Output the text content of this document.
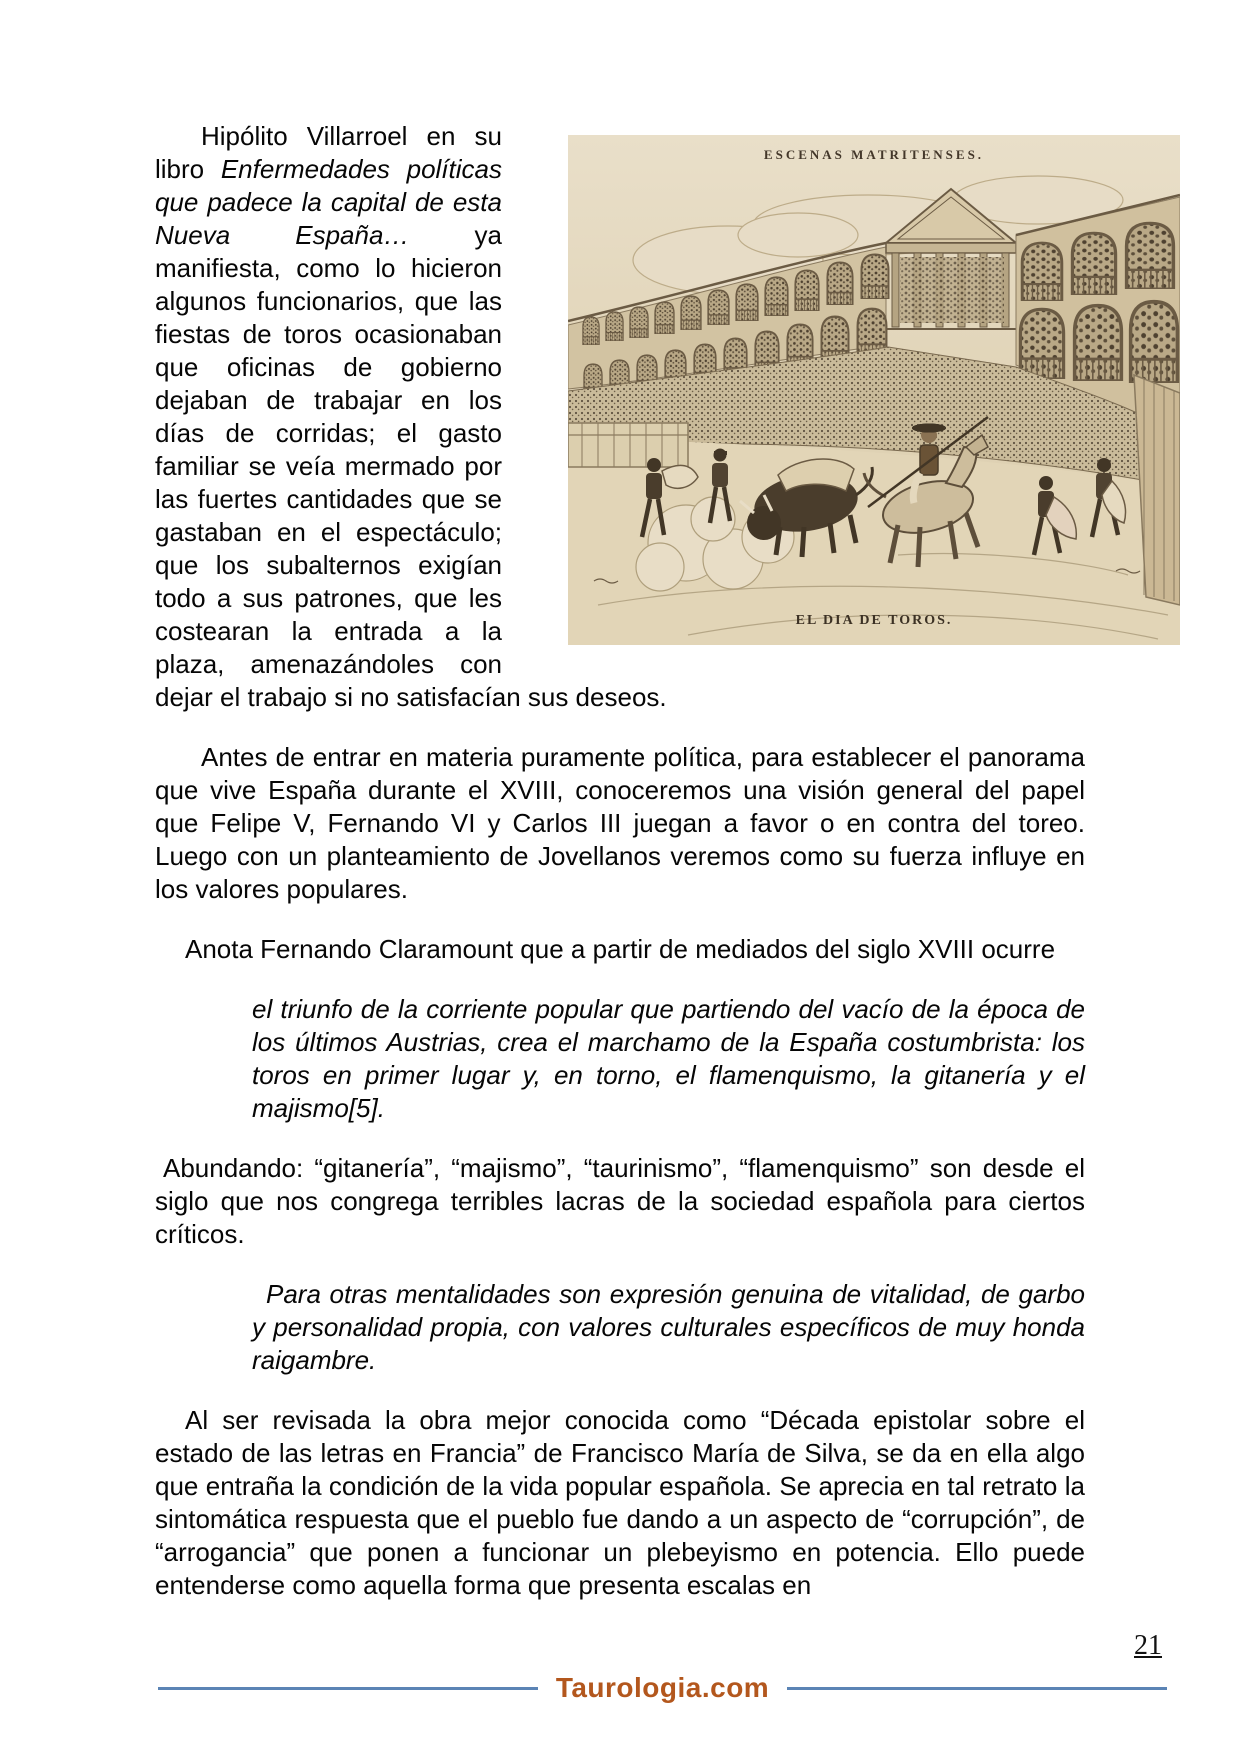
ESCENAS MATRITENSES.
EL DIA DE TOROS.
Hipólito Villarroel en su libro Enfermedades políticas que padece la capital de esta Nueva España… ya manifiesta, como lo hicieron algunos funcionarios, que las fiestas de toros ocasionaban que oficinas de gobierno dejaban de trabajar en los días de corridas; el gasto familiar se veía mermado por las fuertes cantidades que se gastaban en el espectáculo; que los subalternos exigían todo a sus patrones, que les costearan la entrada a la plaza, amenazándoles con dejar el trabajo si no satisfacían sus deseos.

Antes de entrar en materia puramente política, para establecer el panorama que vive España durante el XVIII, conoceremos una visión general del papel que Felipe V, Fernando VI y Carlos III juegan a favor o en contra del toreo. Luego con un planteamiento de Jovellanos veremos como su fuerza influye en los valores populares.

Anota Fernando Claramount que a partir de mediados del siglo XVIII ocurre

el triunfo de la corriente popular que partiendo del vacío de la época de los últimos Austrias, crea el marchamo de la España costumbrista: los toros en primer lugar y, en torno, el flamenquismo, la gitanería y el majismo[5].

Abundando: “gitanería”, “majismo”, “taurinismo”, “flamenquismo” son desde el siglo que nos congrega terribles lacras de la sociedad española para ciertos críticos.

Para otras mentalidades son expresión genuina de vitalidad, de garbo y personalidad propia, con valores culturales específicos de muy honda raigambre.

Al ser revisada la obra mejor conocida como “Década epistolar sobre el estado de las letras en Francia” de Francisco María de Silva, se da en ella algo que entraña la condición de la vida popular española. Se aprecia en tal retrato la sintomática respuesta que el pueblo fue dando a un aspecto de “corrupción”, de “arrogancia” que ponen a funcionar un plebeyismo en potencia. Ello puede entenderse como aquella forma que presenta escalas en

21
Taurologia.com
